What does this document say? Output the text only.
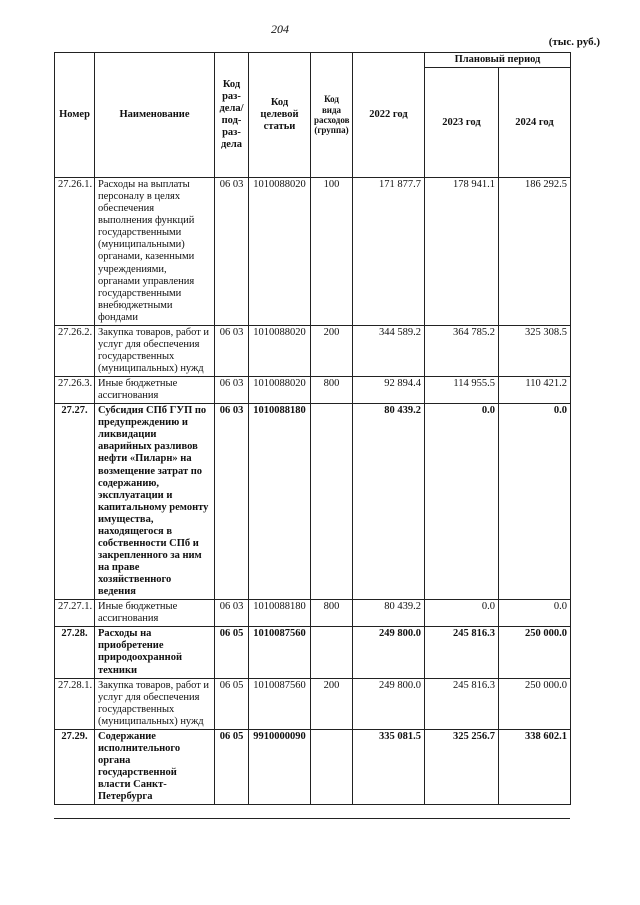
204
(тыс. руб.)
Номер	Наименование	Код раз-дела/ под-раз-дела	Код целевой статьи	Код вида расходов (группа)	2022 год	Плановый период	
						2023 год	2024 год
27.26.1.	Расходы на выплаты персоналу в целях обеспечения выполнения функций государственными (муниципальными) органами, казенными учреждениями, органами управления государственными внебюджетными фондами	06 03	1010088020	100	171 877.7	178 941.1	186 292.5
27.26.2.	Закупка товаров, работ и услуг для обеспечения государственных (муниципальных) нужд	06 03	1010088020	200	344 589.2	364 785.2	325 308.5
27.26.3.	Иные бюджетные ассигнования	06 03	1010088020	800	92 894.4	114 955.5	110 421.2
27.27.	Субсидия СПб ГУП по предупреждению и ликвидации аварийных разливов нефти «Пиларн» на возмещение затрат по содержанию, эксплуатации и капитальному ремонту имущества, находящегося в собственности СПб и закрепленного за ним на праве хозяйственного ведения	06 03	1010088180		80 439.2	0.0	0.0
27.27.1.	Иные бюджетные ассигнования	06 03	1010088180	800	80 439.2	0.0	0.0
27.28.	Расходы на приобретение природоохранной техники	06 05	1010087560		249 800.0	245 816.3	250 000.0
27.28.1.	Закупка товаров, работ и услуг для обеспечения государственных (муниципальных) нужд	06 05	1010087560	200	249 800.0	245 816.3	250 000.0
27.29.	Содержание исполнительного органа государственной власти Санкт-Петербурга	06 05	9910000090		335 081.5	325 256.7	338 602.1
